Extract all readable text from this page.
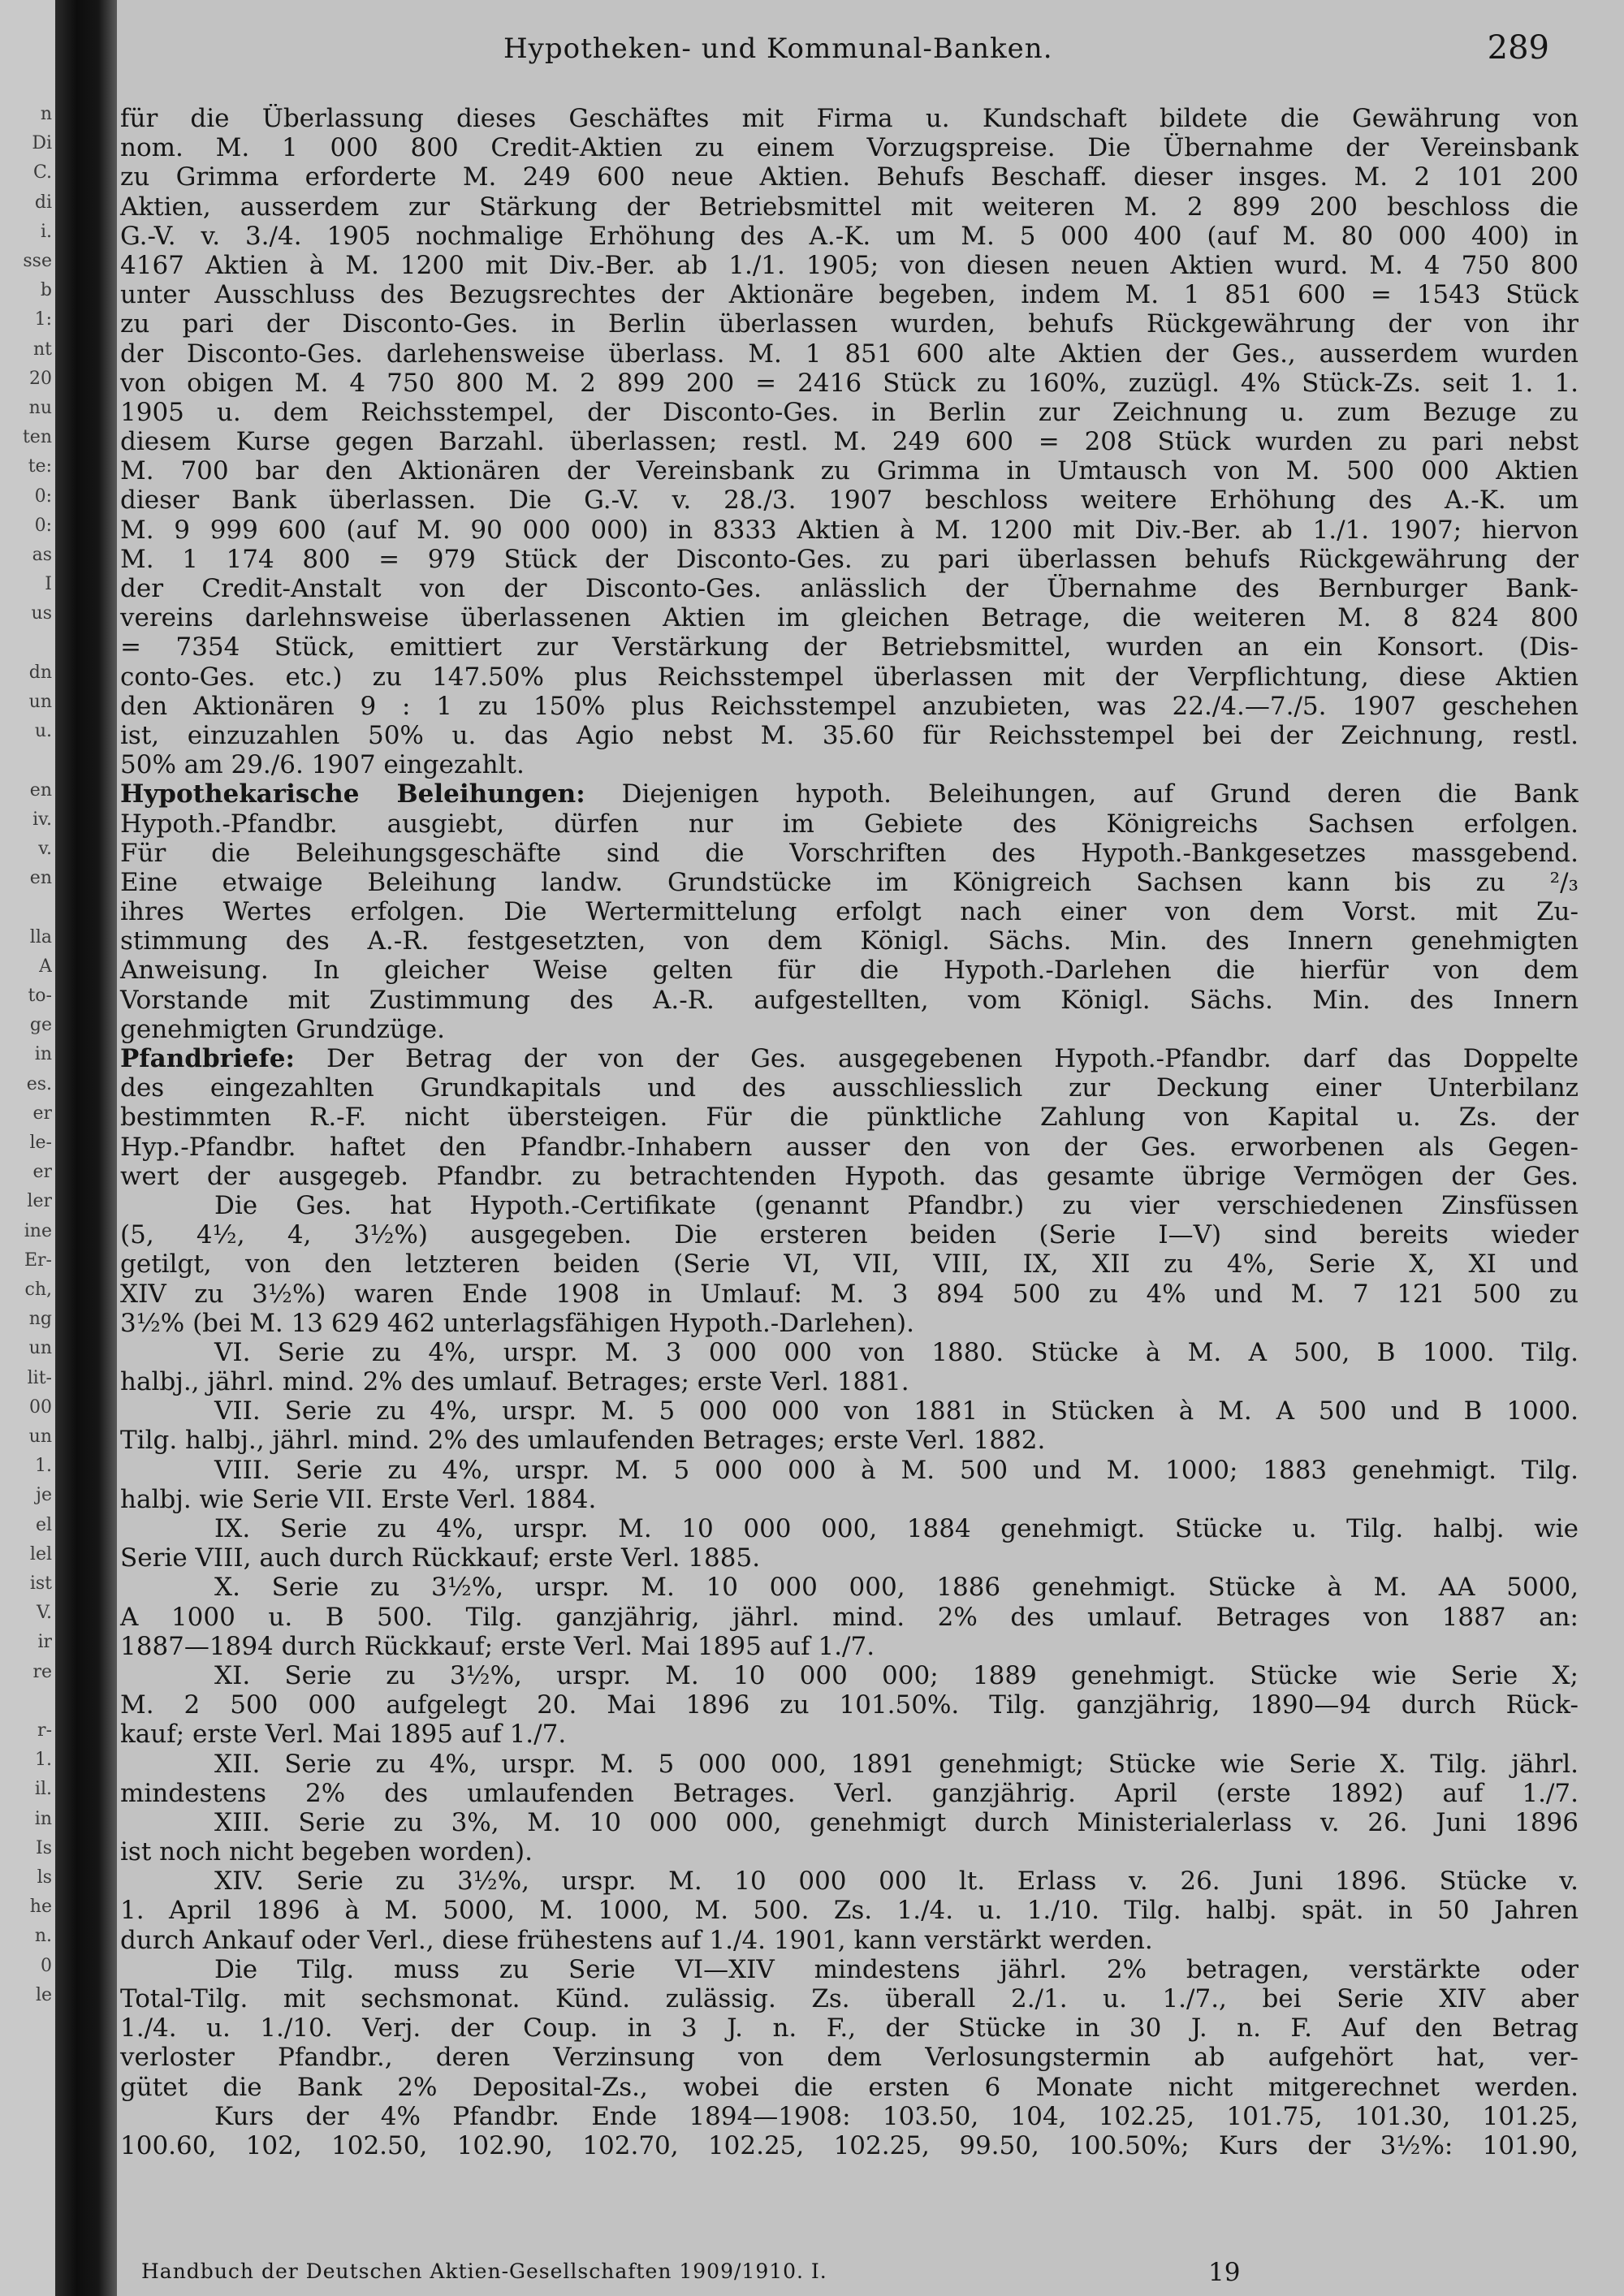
n
Di
C.
di
i.
sse
b
1:
nt
20
nu
ten
te:
0:
0:
as
I
us
dn
un
u.
en
iv.
v.
en
lla
A
to-
ge
in
es.
er
le-
er
ler
ine
Er-
ch,
ng
un
lit-
00
un
1.
je
el
lel
ist
V.
ir
re
r-
1.
il.
in
Is
ls
he
n.
0
le
Hypotheken- und Kommunal-Banken.	289
für die Überlassung dieses Geschäftes mit Firma u. Kundschaft bildete die Gewährung von
nom. M. 1 000 800 Credit-Aktien zu einem Vorzugspreise. Die Übernahme der Vereinsbank
zu Grimma erforderte M. 249 600 neue Aktien. Behufs Beschaff. dieser insges. M. 2 101 200
Aktien, ausserdem zur Stärkung der Betriebsmittel mit weiteren M. 2 899 200 beschloss die
G.-V. v. 3./4. 1905 nochmalige Erhöhung des A.-K. um M. 5 000 400 (auf M. 80 000 400) in
4167 Aktien à M. 1200 mit Div.-Ber. ab 1./1. 1905; von diesen neuen Aktien wurd. M. 4 750 800
unter Ausschluss des Bezugsrechtes der Aktionäre begeben, indem M. 1 851 600 = 1543 Stück
zu pari der Disconto-Ges. in Berlin überlassen wurden, behufs Rückgewährung der von ihr
der Disconto-Ges. darlehensweise überlass. M. 1 851 600 alte Aktien der Ges., ausserdem wurden
von obigen M. 4 750 800 M. 2 899 200 = 2416 Stück zu 160%, zuzügl. 4% Stück-Zs. seit 1. 1.
1905 u. dem Reichsstempel, der Disconto-Ges. in Berlin zur Zeichnung u. zum Bezuge zu
diesem Kurse gegen Barzahl. überlassen; restl. M. 249 600 = 208 Stück wurden zu pari nebst
M. 700 bar den Aktionären der Vereinsbank zu Grimma in Umtausch von M. 500 000 Aktien
dieser Bank überlassen. Die G.-V. v. 28./3. 1907 beschloss weitere Erhöhung des A.-K. um
M. 9 999 600 (auf M. 90 000 000) in 8333 Aktien à M. 1200 mit Div.-Ber. ab 1./1. 1907; hiervon
M. 1 174 800 = 979 Stück der Disconto-Ges. zu pari überlassen behufs Rückgewährung der
der Credit-Anstalt von der Disconto-Ges. anlässlich der Übernahme des Bernburger Bank-
vereins darlehnsweise überlassenen Aktien im gleichen Betrage, die weiteren M. 8 824 800
= 7354 Stück, emittiert zur Verstärkung der Betriebsmittel, wurden an ein Konsort. (Dis-
conto-Ges. etc.) zu 147.50% plus Reichsstempel überlassen mit der Verpflichtung, diese Aktien
den Aktionären 9 : 1 zu 150% plus Reichsstempel anzubieten, was 22./4.—7./5. 1907 geschehen
ist, einzuzahlen 50% u. das Agio nebst M. 35.60 für Reichsstempel bei der Zeichnung, restl.
50% am 29./6. 1907 eingezahlt.
Hypothekarische Beleihungen: Diejenigen hypoth. Beleihungen, auf Grund deren die Bank
Hypoth.-Pfandbr. ausgiebt, dürfen nur im Gebiete des Königreichs Sachsen erfolgen.
Für die Beleihungsgeschäfte sind die Vorschriften des Hypoth.-Bankgesetzes massgebend.
Eine etwaige Beleihung landw. Grundstücke im Königreich Sachsen kann bis zu ²/₃
ihres Wertes erfolgen. Die Wertermittelung erfolgt nach einer von dem Vorst. mit Zu-
stimmung des A.-R. festgesetzten, von dem Königl. Sächs. Min. des Innern genehmigten
Anweisung. In gleicher Weise gelten für die Hypoth.-Darlehen die hierfür von dem
Vorstande mit Zustimmung des A.-R. aufgestellten, vom Königl. Sächs. Min. des Innern
genehmigten Grundzüge.
Pfandbriefe: Der Betrag der von der Ges. ausgegebenen Hypoth.-Pfandbr. darf das Doppelte
des eingezahlten Grundkapitals und des ausschliesslich zur Deckung einer Unterbilanz
bestimmten R.-F. nicht übersteigen. Für die pünktliche Zahlung von Kapital u. Zs. der
Hyp.-Pfandbr. haftet den Pfandbr.-Inhabern ausser den von der Ges. erworbenen als Gegen-
wert der ausgegeb. Pfandbr. zu betrachtenden Hypoth. das gesamte übrige Vermögen der Ges.
Die Ges. hat Hypoth.-Certifikate (genannt Pfandbr.) zu vier verschiedenen Zinsfüssen
(5, 4½, 4, 3½%) ausgegeben. Die ersteren beiden (Serie I—V) sind bereits wieder
getilgt, von den letzteren beiden (Serie VI, VII, VIII, IX, XII zu 4%, Serie X, XI und
XIV zu 3½%) waren Ende 1908 in Umlauf: M. 3 894 500 zu 4% und M. 7 121 500 zu
3½% (bei M. 13 629 462 unterlagsfähigen Hypoth.-Darlehen).
VI. Serie zu 4%, urspr. M. 3 000 000 von 1880. Stücke à M. A 500, B 1000. Tilg.
halbj., jährl. mind. 2% des umlauf. Betrages; erste Verl. 1881.
VII. Serie zu 4%, urspr. M. 5 000 000 von 1881 in Stücken à M. A 500 und B 1000.
Tilg. halbj., jährl. mind. 2% des umlaufenden Betrages; erste Verl. 1882.
VIII. Serie zu 4%, urspr. M. 5 000 000 à M. 500 und M. 1000; 1883 genehmigt. Tilg.
halbj. wie Serie VII. Erste Verl. 1884.
IX. Serie zu 4%, urspr. M. 10 000 000, 1884 genehmigt. Stücke u. Tilg. halbj. wie
Serie VIII, auch durch Rückkauf; erste Verl. 1885.
X. Serie zu 3½%, urspr. M. 10 000 000, 1886 genehmigt. Stücke à M. AA 5000,
A 1000 u. B 500. Tilg. ganzjährig, jährl. mind. 2% des umlauf. Betrages von 1887 an:
1887—1894 durch Rückkauf; erste Verl. Mai 1895 auf 1./7.
XI. Serie zu 3½%, urspr. M. 10 000 000; 1889 genehmigt. Stücke wie Serie X;
M. 2 500 000 aufgelegt 20. Mai 1896 zu 101.50%. Tilg. ganzjährig, 1890—94 durch Rück-
kauf; erste Verl. Mai 1895 auf 1./7.
XII. Serie zu 4%, urspr. M. 5 000 000, 1891 genehmigt; Stücke wie Serie X. Tilg. jährl.
mindestens 2% des umlaufenden Betrages. Verl. ganzjährig. April (erste 1892) auf 1./7.
XIII. Serie zu 3%, M. 10 000 000, genehmigt durch Ministerialerlass v. 26. Juni 1896
ist noch nicht begeben worden).
XIV. Serie zu 3½%, urspr. M. 10 000 000 lt. Erlass v. 26. Juni 1896. Stücke v.
1. April 1896 à M. 5000, M. 1000, M. 500. Zs. 1./4. u. 1./10. Tilg. halbj. spät. in 50 Jahren
durch Ankauf oder Verl., diese frühestens auf 1./4. 1901, kann verstärkt werden.
Die Tilg. muss zu Serie VI—XIV mindestens jährl. 2% betragen, verstärkte oder
Total-Tilg. mit sechsmonat. Künd. zulässig. Zs. überall 2./1. u. 1./7., bei Serie XIV aber
1./4. u. 1./10. Verj. der Coup. in 3 J. n. F., der Stücke in 30 J. n. F. Auf den Betrag
verloster Pfandbr., deren Verzinsung von dem Verlosungstermin ab aufgehört hat, ver-
gütet die Bank 2% Deposital-Zs., wobei die ersten 6 Monate nicht mitgerechnet werden.
Kurs der 4% Pfandbr. Ende 1894—1908: 103.50, 104, 102.25, 101.75, 101.30, 101.25,
100.60, 102, 102.50, 102.90, 102.70, 102.25, 102.25, 99.50, 100.50%; Kurs der 3½%: 101.90,
Handbuch der Deutschen Aktien-Gesellschaften 1909/1910. I.	19
